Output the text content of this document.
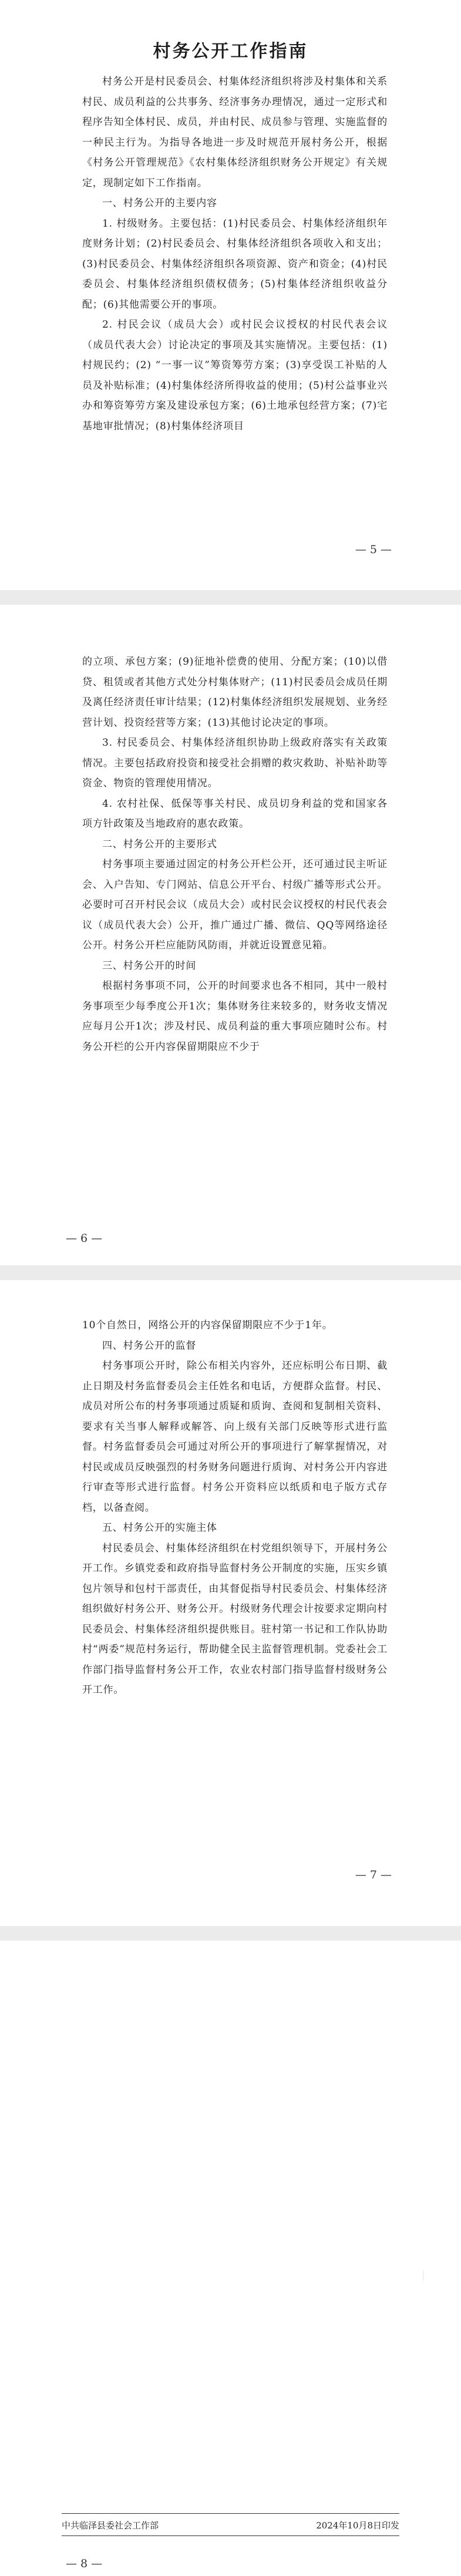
村务公开工作指南

村务公开是村民委员会、村集体经济组织将涉及村集体和关系村民、成员利益的公共事务、经济事务办理情况，通过一定形式和程序告知全体村民、成员，并由村民、成员参与管理、实施监督的一种民主行为。为指导各地进一步及时规范开展村务公开，根据《村务公开管理规范》《农村集体经济组织财务公开规定》有关规定，现制定如下工作指南。

一、村务公开的主要内容

1. 村级财务。主要包括：(1)村民委员会、村集体经济组织年度财务计划；(2)村民委员会、村集体经济组织各项收入和支出；(3)村民委员会、村集体经济组织各项资源、资产和资金；(4)村民委员会、村集体经济组织债权债务；(5)村集体经济组织收益分配；(6)其他需要公开的事项。

2. 村民会议（成员大会）或村民会议授权的村民代表会议（成员代表大会）讨论决定的事项及其实施情况。主要包括：(1)村规民约；(2) “一事一议”筹资筹劳方案；(3)享受误工补贴的人员及补贴标准；(4)村集体经济所得收益的使用；(5)村公益事业兴办和筹资筹劳方案及建设承包方案；(6)土地承包经营方案；(7)宅基地审批情况；(8)村集体经济项目

— 5 —

的立项、承包方案；(9)征地补偿费的使用、分配方案；(10)以借贷、租赁或者其他方式处分村集体财产；(11)村民委员会成员任期及离任经济责任审计结果；(12)村集体经济组织发展规划、业务经营计划、投资经营等方案；(13)其他讨论决定的事项。

3. 村民委员会、村集体经济组织协助上级政府落实有关政策情况。主要包括政府投资和接受社会捐赠的救灾救助、补贴补助等资金、物资的管理使用情况。

4. 农村社保、低保等事关村民、成员切身利益的党和国家各项方针政策及当地政府的惠农政策。

二、村务公开的主要形式

村务事项主要通过固定的村务公开栏公开，还可通过民主听证会、入户告知、专门网站、信息公开平台、村级广播等形式公开。必要时可召开村民会议（成员大会）或村民会议授权的村民代表会议（成员代表大会）公开，推广通过广播、微信、QQ等网络途径公开。村务公开栏应能防风防雨，并就近设置意见箱。

三、村务公开的时间

根据村务事项不同，公开的时间要求也各不相同，其中一般村务事项至少每季度公开1次；集体财务往来较多的，财务收支情况应每月公开1次；涉及村民、成员利益的重大事项应随时公布。村务公开栏的公开内容保留期限应不少于

— 6 —

10个自然日，网络公开的内容保留期限应不少于1年。

四、村务公开的监督

村务事项公开时，除公布相关内容外，还应标明公布日期、截止日期及村务监督委员会主任姓名和电话，方便群众监督。村民、成员对所公布的村务事项通过质疑和质询、查阅和复制相关资料、要求有关当事人解释或解答、向上级有关部门反映等形式进行监督。村务监督委员会可通过对所公开的事项进行了解掌握情况，对村民或成员反映强烈的村务财务问题进行质询、对村务公开内容进行审查等形式进行监督。村务公开资料应以纸质和电子版方式存档，以备查阅。

五、村务公开的实施主体

村民委员会、村集体经济组织在村党组织领导下，开展村务公开工作。乡镇党委和政府指导监督村务公开制度的实施，压实乡镇包片领导和包村干部责任，由其督促指导村民委员会、村集体经济组织做好村务公开、财务公开。村级财务代理会计按要求定期向村民委员会、村集体经济组织提供账目。驻村第一书记和工作队协助村“两委”规范村务运行，帮助健全民主监督管理机制。党委社会工作部门指导监督村务公开工作，农业农村部门指导监督村级财务公开工作。

— 7 —
……
中共临泽县委社会工作部	2024年10月8日印发
— 8 —
